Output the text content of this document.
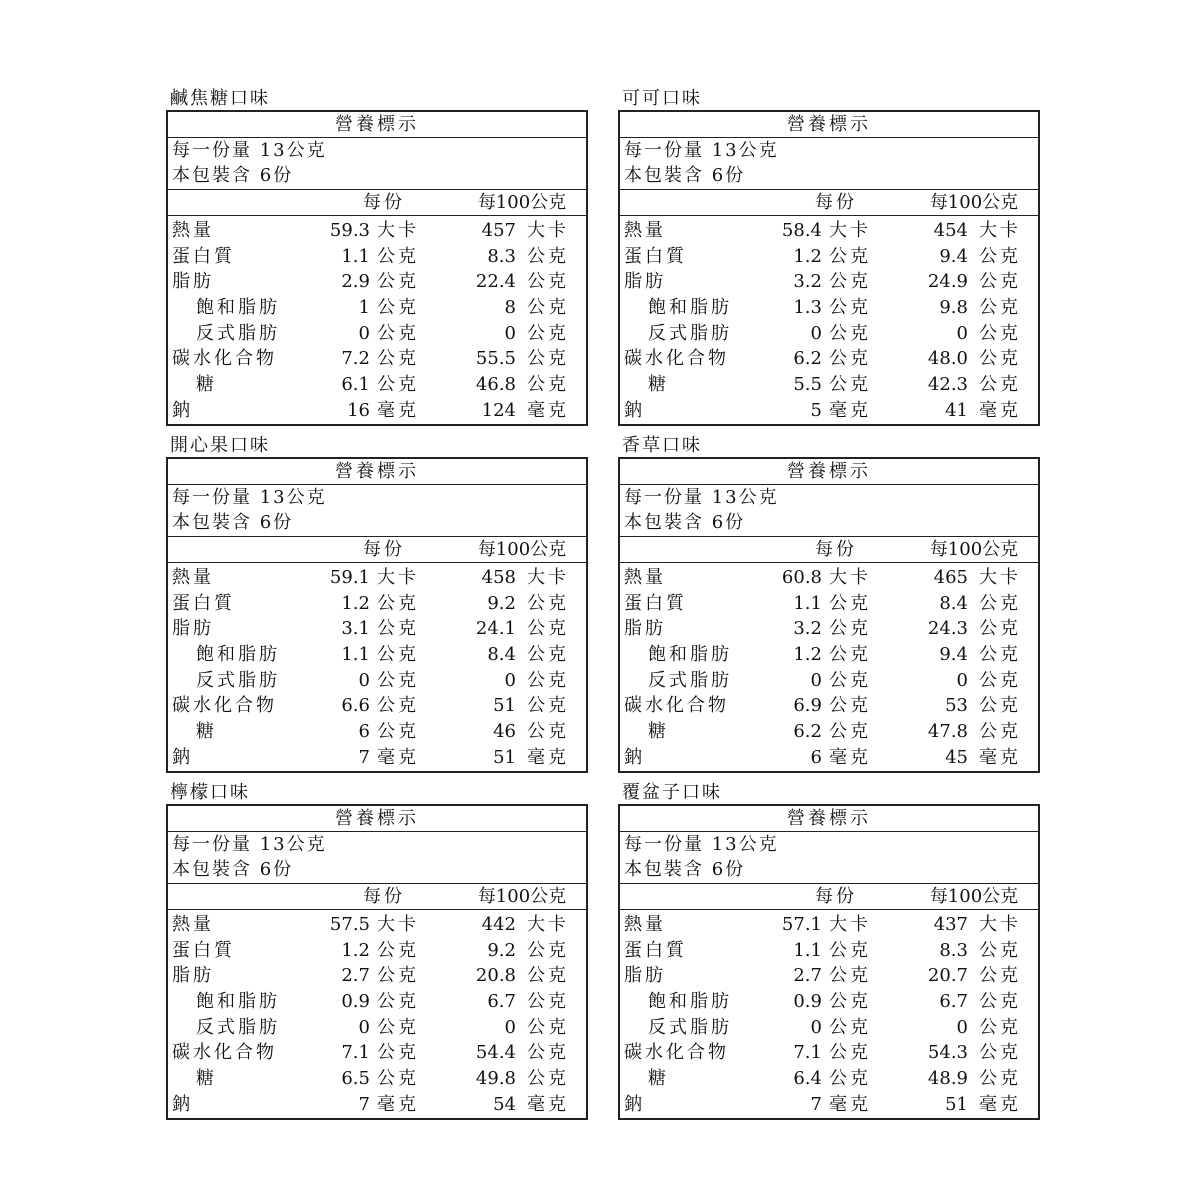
鹹焦糖口味
營養標示
每一份量 13公克
本包裝含 6份
每份	每100公克
熱量	59.3 大卡	457 大卡
蛋白質	1.1 公克	8.3 公克
脂肪	2.9 公克	22.4 公克
飽和脂肪	1 公克	8 公克
反式脂肪	0 公克	0 公克
碳水化合物	7.2 公克	55.5 公克
糖	6.1 公克	46.8 公克
鈉	16 毫克	124 毫克
可可口味
營養標示
每一份量 13公克
本包裝含 6份
每份	每100公克
熱量	58.4 大卡	454 大卡
蛋白質	1.2 公克	9.4 公克
脂肪	3.2 公克	24.9 公克
飽和脂肪	1.3 公克	9.8 公克
反式脂肪	0 公克	0 公克
碳水化合物	6.2 公克	48.0 公克
糖	5.5 公克	42.3 公克
鈉	5 毫克	41 毫克
開心果口味
營養標示
每一份量 13公克
本包裝含 6份
每份	每100公克
熱量	59.1 大卡	458 大卡
蛋白質	1.2 公克	9.2 公克
脂肪	3.1 公克	24.1 公克
飽和脂肪	1.1 公克	8.4 公克
反式脂肪	0 公克	0 公克
碳水化合物	6.6 公克	51 公克
糖	6 公克	46 公克
鈉	7 毫克	51 毫克
香草口味
營養標示
每一份量 13公克
本包裝含 6份
每份	每100公克
熱量	60.8 大卡	465 大卡
蛋白質	1.1 公克	8.4 公克
脂肪	3.2 公克	24.3 公克
飽和脂肪	1.2 公克	9.4 公克
反式脂肪	0 公克	0 公克
碳水化合物	6.9 公克	53 公克
糖	6.2 公克	47.8 公克
鈉	6 毫克	45 毫克
檸檬口味
營養標示
每一份量 13公克
本包裝含 6份
每份	每100公克
熱量	57.5 大卡	442 大卡
蛋白質	1.2 公克	9.2 公克
脂肪	2.7 公克	20.8 公克
飽和脂肪	0.9 公克	6.7 公克
反式脂肪	0 公克	0 公克
碳水化合物	7.1 公克	54.4 公克
糖	6.5 公克	49.8 公克
鈉	7 毫克	54 毫克
覆盆子口味
營養標示
每一份量 13公克
本包裝含 6份
每份	每100公克
熱量	57.1 大卡	437 大卡
蛋白質	1.1 公克	8.3 公克
脂肪	2.7 公克	20.7 公克
飽和脂肪	0.9 公克	6.7 公克
反式脂肪	0 公克	0 公克
碳水化合物	7.1 公克	54.3 公克
糖	6.4 公克	48.9 公克
鈉	7 毫克	51 毫克
